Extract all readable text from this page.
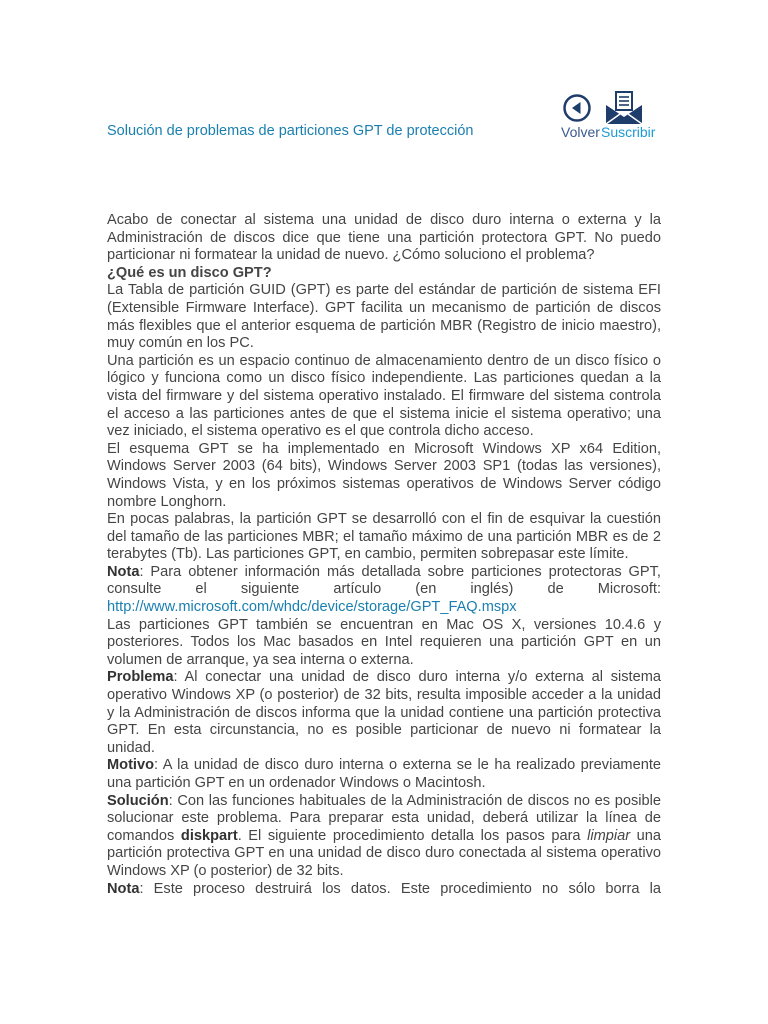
Solución de problemas de particiones GPT de protección	Volver Suscribir

Acabo de conectar al sistema una unidad de disco duro interna o externa y la Administración de discos dice que tiene una partición protectora GPT. No puedo particionar ni formatear la unidad de nuevo. ¿Cómo soluciono el problema?

¿Qué es un disco GPT?

La Tabla de partición GUID (GPT) es parte del estándar de partición de sistema EFI (Extensible Firmware Interface). GPT facilita un mecanismo de partición de discos más flexibles que el anterior esquema de partición MBR (Registro de inicio maestro), muy común en los PC.

Una partición es un espacio continuo de almacenamiento dentro de un disco físico o lógico y funciona como un disco físico independiente. Las particiones quedan a la vista del firmware y del sistema operativo instalado. El firmware del sistema controla el acceso a las particiones antes de que el sistema inicie el sistema operativo; una vez iniciado, el sistema operativo es el que controla dicho acceso.

El esquema GPT se ha implementado en Microsoft Windows XP x64 Edition, Windows Server 2003 (64 bits), Windows Server 2003 SP1 (todas las versiones), Windows Vista, y en los próximos sistemas operativos de Windows Server código nombre Longhorn.

En pocas palabras, la partición GPT se desarrolló con el fin de esquivar la cuestión del tamaño de las particiones MBR; el tamaño máximo de una partición MBR es de 2 terabytes (Tb). Las particiones GPT, en cambio, permiten sobrepasar este límite.

Nota: Para obtener información más detallada sobre particiones protectoras GPT, consulte el siguiente artículo (en inglés) de Microsoft: http://www.microsoft.com/whdc/device/storage/GPT_FAQ.mspx

Las particiones GPT también se encuentran en Mac OS X, versiones 10.4.6 y posteriores. Todos los Mac basados en Intel requieren una partición GPT en un volumen de arranque, ya sea interna o externa.

Problema: Al conectar una unidad de disco duro interna y/o externa al sistema operativo Windows XP (o posterior) de 32 bits, resulta imposible acceder a la unidad y la Administración de discos informa que la unidad contiene una partición protectiva GPT. En esta circunstancia, no es posible particionar de nuevo ni formatear la unidad.

Motivo: A la unidad de disco duro interna o externa se le ha realizado previamente una partición GPT en un ordenador Windows o Macintosh.

Solución: Con las funciones habituales de la Administración de discos no es posible solucionar este problema. Para preparar esta unidad, deberá utilizar la línea de comandos diskpart. El siguiente procedimiento detalla los pasos para limpiar una partición protectiva GPT en una unidad de disco duro conectada al sistema operativo Windows XP (o posterior) de 32 bits.

Nota: Este proceso destruirá los datos. Este procedimiento no sólo borra la
